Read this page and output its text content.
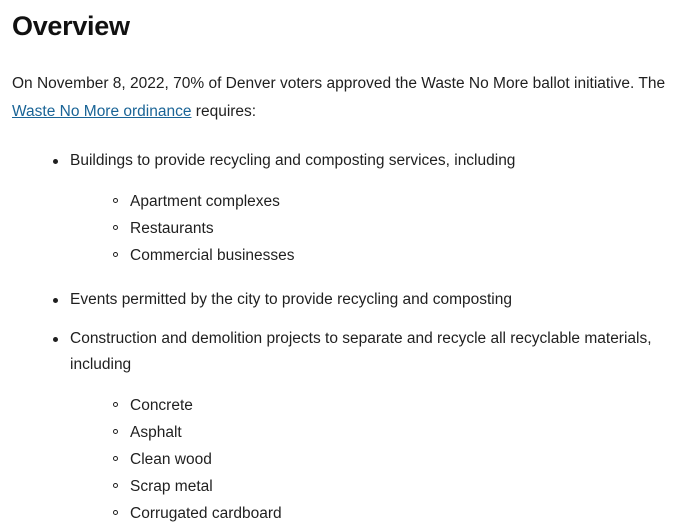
Overview

On November 8, 2022, 70% of Denver voters approved the Waste No More ballot initiative. The Waste No More ordinance requires:

Buildings to provide recycling and composting services, including
Apartment complexes
Restaurants
Commercial businesses
Events permitted by the city to provide recycling and composting
Construction and demolition projects to separate and recycle all recyclable materials, including
Concrete
Asphalt
Clean wood
Scrap metal
Corrugated cardboard
